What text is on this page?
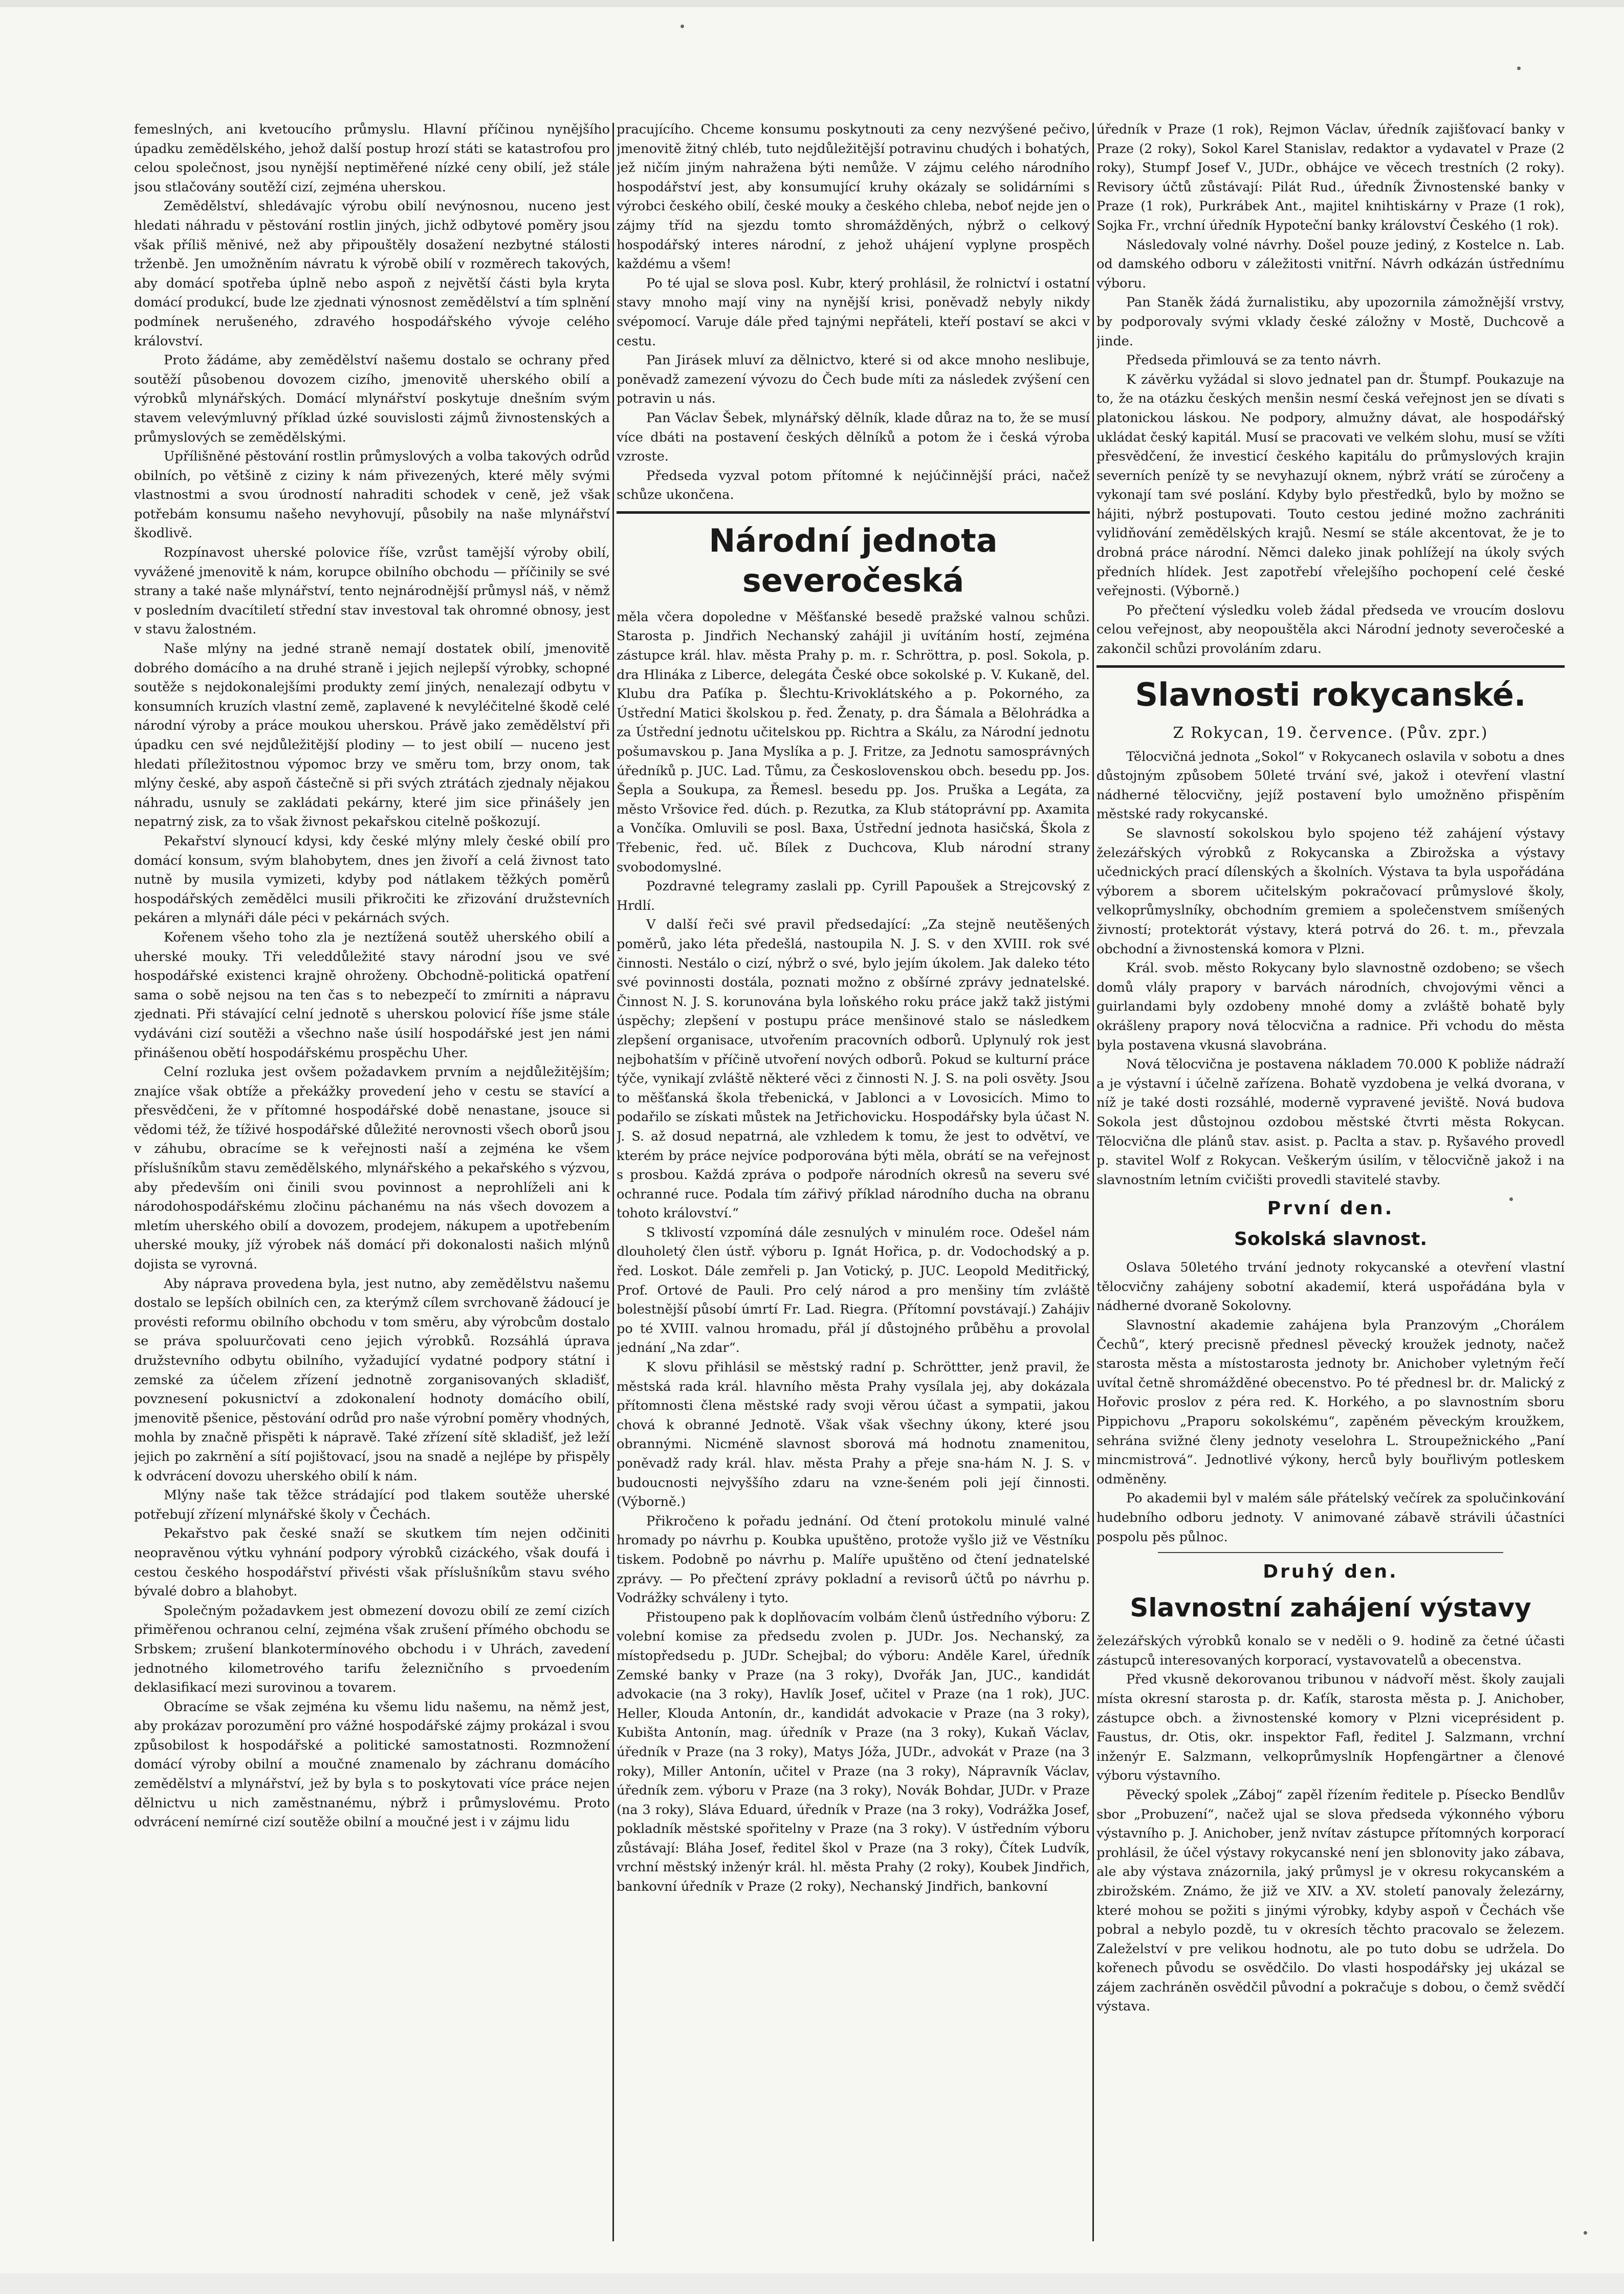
femeslných, ani kvetoucího průmyslu. Hlavní příčinou nynějšího úpadku zemědělského, jehož další postup hrozí státi se katastrofou pro celou společnost, jsou nynější neptiměřené nízké ceny obilí, jež stále jsou stlačovány soutěží cizí, zejména uherskou.

Zemědělství, shledávajíc výrobu obilí nevýnosnou, nuceno jest hledati náhradu v pěstování rostlin jiných, jichž odbytové poměry jsou však příliš měnivé, než aby připouštěly dosažení nezbytné stálosti trženbě. Jen umožněním návratu k výrobě obilí v rozměrech takových, aby domácí spotřeba úplně nebo aspoň z největší části byla kryta domácí produkcí, bude lze zjednati výnosnost zemědělství a tím splnění podmínek nerušeného, zdravého hospodářského vývoje celého království.

Proto žádáme, aby zemědělství našemu dostalo se ochrany před soutěží působenou dovozem cizího, jmenovitě uherského obilí a výrobků mlynářských. Domácí mlynářství poskytuje dnešním svým stavem velevýmluvný příklad úzké souvislosti zájmů živnostenských a průmyslových se zemědělskými.

Upřílišněné pěstování rostlin průmyslových a volba takových odrůd obilních, po většině z ciziny k nám přivezených, které měly svými vlastnostmi a svou úrodností nahraditi schodek v ceně, jež však potřebám konsumu našeho nevyhovují, působily na naše mlynářství škodlivě.

Rozpínavost uherské polovice říše, vzrůst tamější výroby obilí, vyvážené jmenovitě k nám, korupce obilního obchodu — příčinily se své strany a také naše mlynářství, tento nejnárodnější průmysl náš, v němž v posledním dvacítiletí střední stav investoval tak ohromné obnosy, jest v stavu žalostném.

Naše mlýny na jedné straně nemají dostatek obilí, jmenovitě dobrého domácího a na druhé straně i jejich nejlepší výrobky, schopné soutěže s nejdokonalejšími produkty zemí jiných, nenalezají odbytu v konsumních kruzích vlastní země, zaplavené k nevyléčitelné škodě celé národní výroby a práce moukou uherskou. Právě jako zemědělství při úpadku cen své nejdůležitější plodiny — to jest obilí — nuceno jest hledati příležitostnou výpomoc brzy ve směru tom, brzy onom, tak mlýny české, aby aspoň částečně si při svých ztrátách zjednaly nějakou náhradu, usnuly se zakládati pekárny, které jim sice přinášely jen nepatrný zisk, za to však živnost pekařskou citelně poškozují.

Pekařství slynoucí kdysi, kdy české mlýny mlely české obilí pro domácí konsum, svým blahobytem, dnes jen živoří a celá živnost tato nutně by musila vymizeti, kdyby pod nátlakem těžkých poměrů hospodářských zemědělci musili přikročiti ke zřizování družstevních pekáren a mlynáři dále péci v pekárnách svých.

Kořenem všeho toho zla je neztížená soutěž uherského obilí a uherské mouky. Tři veleddůležité stavy národní jsou ve své hospodářské existenci krajně ohroženy. Obchodně-politická opatření sama o sobě nejsou na ten čas s to nebezpečí to zmírniti a nápravu zjednati. Při stávající celní jednotě s uherskou polovicí říše jsme stále vydáváni cizí soutěži a všechno naše úsilí hospodářské jest jen námi přinášenou obětí hospodářskému prospěchu Uher.

Celní rozluka jest ovšem požadavkem prvním a nejdůležitějším; znajíce však obtíže a překážky provedení jeho v cestu se stavící a přesvědčeni, že v přítomné hospodářské době nenastane, jsouce si vědomi též, že tíživé hospodářské důležité nerovnosti všech oborů jsou v záhubu, obracíme se k veřejnosti naší a zejména ke všem příslušníkům stavu zemědělského, mlynářského a pekařského s výzvou, aby především oni činili svou povinnost a neprohlíželi ani k národohospodářskému zločinu páchanému na nás všech dovozem a mletím uherského obilí a dovozem, prodejem, nákupem a upotřebením uherské mouky, jíž výrobek náš domácí při dokonalosti našich mlýnů dojista se vyrovná.

Aby náprava provedena byla, jest nutno, aby zemědělstvu našemu dostalo se lepších obilních cen, za kterýmž cílem svrchovaně žádoucí je provésti reformu obilního obchodu v tom směru, aby výrobcům dostalo se práva spoluurčovati ceno jejich výrobků. Rozsáhlá úprava družstevního odbytu obilního, vyžadující vydatné podpory státní i zemské za účelem zřízení jednotně zorganisovaných skladišť, povznesení pokusnictví a zdokonalení hodnoty domácího obilí, jmenovitě pšenice, pěstování odrůd pro naše výrobní poměry vhodných, mohla by značně přispěti k nápravě. Také zřízení sítě skladišť, jež leží jejich po zakrnění a sítí pojištovací, jsou na snadě a nejlépe by přispěly k odvrácení dovozu uherského obilí k nám.

Mlýny naše tak těžce strádající pod tlakem soutěže uherské potřebují zřízení mlynářské školy v Čechách.

Pekařstvo pak české snaží se skutkem tím nejen odčiniti neopravěnou výtku vyhnání podpory výrobků cizáckého, však doufá i cestou českého hospodářství přivésti však příslušníkům stavu svého bývalé dobro a blahobyt.

Společným požadavkem jest obmezení dovozu obilí ze zemí cizích přiměřenou ochranou celní, zejména však zrušení přímého obchodu se Srbskem; zrušení blankotermínového obchodu i v Uhrách, zavedení jednotného kilometrového tarifu železničního s prvoedením deklasifikací mezi surovinou a tovarem.

Obracíme se však zejména ku všemu lidu našemu, na němž jest, aby prokázav porozumění pro vážné hospodářské zájmy prokázal i svou způsobilost k hospodářské a politické samostatnosti. Rozmnožení domácí výroby obilní a moučné znamenalo by záchranu domácího zemědělství a mlynářství, jež by byla s to poskytovati více práce nejen dělnictvu u nich zaměstnanému, nýbrž i průmyslovému. Proto odvrácení nemírné cizí soutěže obilní a moučné jest i v zájmu lidu

pracujícího. Chceme konsumu poskytnouti za ceny nezvýšené pečivo, jmenovitě žitný chléb, tuto nejdůležitější potravinu chudých i bohatých, jež ničím jiným nahražena býti nemůže. V zájmu celého národního hospodářství jest, aby konsumující kruhy okázaly se solidárními s výrobci českého obilí, české mouky a českého chleba, neboť nejde jen o zájmy tříd na sjezdu tomto shromážděných, nýbrž o celkový hospodářský interes národní, z jehož uhájení vyplyne prospěch každému a všem!

Po té ujal se slova posl. Kubr, který prohlásil, že rolnictví i ostatní stavy mnoho mají viny na nynější krisi, poněvadž nebyly nikdy svépomocí. Varuje dále před tajnými nepřáteli, kteří postaví se akci v cestu.

Pan Jirásek mluví za dělnictvo, které si od akce mnoho neslibuje, poněvadž zamezení vývozu do Čech bude míti za následek zvýšení cen potravin u nás.

Pan Václav Šebek, mlynářský dělník, klade důraz na to, že se musí více dbáti na postavení českých dělníků a potom že i česká výroba vzroste.

Předseda vyzval potom přítomné k nejúčinnější práci, načež schůze ukončena.

Národní jednota severočeská

měla včera dopoledne v Měšťanské besedě pražské valnou schůzi. Starosta p. Jindřich Nechanský zahájil ji uvítáním hostí, zejména zástupce král. hlav. města Prahy p. m. r. Schröttra, p. posl. Sokola, p. dra Hlináka z Liberce, delegáta České obce sokolské p. V. Kukaně, del. Klubu dra Paťíka p. Šlechtu-Krivoklátského a p. Pokorného, za Ústřední Matici školskou p. řed. Ženaty, p. dra Šámala a Bělohrádka a za Ústřední jednotu učitelskou pp. Richtra a Skálu, za Národní jednotu pošumavskou p. Jana Myslíka a p. J. Fritze, za Jednotu samosprávných úředníků p. JUC. Lad. Tůmu, za Československou obch. besedu pp. Jos. Šepla a Soukupa, za Řemesl. besedu pp. Jos. Pruška a Legáta, za město Vršovice řed. dúch. p. Rezutka, za Klub státoprávní pp. Axamita a Vončíka. Omluvili se posl. Baxa, Ústřední jednota hasičská, Škola z Třebenic, řed. uč. Bílek z Duchcova, Klub národní strany svobodomyslné.

Pozdravné telegramy zaslali pp. Cyrill Papoušek a Strejcovský z Hrdlí.

V další řeči své pravil předsedající: „Za stejně neutěšených poměrů, jako léta předešlá, nastoupila N. J. S. v den XVIII. rok své činnosti. Nestálo o cizí, nýbrž o své, bylo jejím úkolem. Jak daleko této své povinnosti dostála, poznati možno z obšírné zprávy jednatelské. Činnost N. J. S. korunována byla loňského roku práce jakž takž jistými úspěchy; zlepšení v postupu práce menšinové stalo se následkem zlepšení organisace, utvořením pracovních odborů. Uplynulý rok jest nejbohatším v příčině utvoření nových odborů. Pokud se kulturní práce týče, vynikají zvláště některé věci z činnosti N. J. S. na poli osvěty. Jsou to měšťanská škola třebenická, v Jablonci a v Lovosicích. Mimo to podařilo se získati můstek na Jetřichovicku. Hospodářsky byla účast N. J. S. až dosud nepatrná, ale vzhledem k tomu, že jest to odvětví, ve kterém by práce nejvíce podporována býti měla, obrátí se na veřejnost s prosbou. Každá zpráva o podpoře národních okresů na severu své ochranné ruce. Podala tím zářivý příklad národního ducha na obranu tohoto království.“

S tklivostí vzpomíná dále zesnulých v minulém roce. Odešel nám dlouholetý člen ústř. výboru p. Ignát Hořica, p. dr. Vodochodský a p. řed. Loskot. Dále zemřeli p. Jan Votický, p. JUC. Leopold Meditřický, Prof. Ortové de Pauli. Pro celý národ a pro menšiny tím zvláště bolestnější působí úmrtí Fr. Lad. Riegra. (Přítomní povstávají.) Zahájiv po té XVIII. valnou hromadu, přál jí důstojného průběhu a provolal jednání „Na zdar“.

K slovu přihlásil se městský radní p. Schröttter, jenž pravil, že městská rada král. hlavního města Prahy vysílala jej, aby dokázala přítomnosti člena městské rady svoji věrou účast a sympatii, jakou chová k obranné Jednotě. Však však všechny úkony, které jsou obrannými. Nicméně slavnost sborová má hodnotu znamenitou, poněvadž rady král. hlav. města Prahy a přeje sna-hám N. J. S. v budoucnosti nejvyššího zdaru na vzne-šeném poli její činnosti. (Výborně.)

Přikročeno k pořadu jednání. Od čtení protokolu minulé valné hromady po návrhu p. Koubka upuštěno, protože vyšlo již ve Věstníku tiskem. Podobně po návrhu p. Malíře upuštěno od čtení jednatelské zprávy. — Po přečtení zprávy pokladní a revisorů účtů po návrhu p. Vodrážky schváleny i tyto.

Přistoupeno pak k doplňovacím volbám členů ústředního výboru: Z volební komise za předsedu zvolen p. JUDr. Jos. Nechanský, za místopředsedu p. JUDr. Schejbal; do výboru: Anděle Karel, úředník Zemské banky v Praze (na 3 roky), Dvořák Jan, JUC., kandidát advokacie (na 3 roky), Havlík Josef, učitel v Praze (na 1 rok), JUC. Heller, Klouda Antonín, dr., kandidát advokacie v Praze (na 3 roky), Kubišta Antonín, mag. úředník v Praze (na 3 roky), Kukaň Václav, úředník v Praze (na 3 roky), Matys Jóža, JUDr., advokát v Praze (na 3 roky), Miller Antonín, učitel v Praze (na 3 roky), Nápravník Václav, úředník zem. výboru v Praze (na 3 roky), Novák Bohdar, JUDr. v Praze (na 3 roky), Sláva Eduard, úředník v Praze (na 3 roky), Vodrážka Josef, pokladník městské spořitelny v Praze (na 3 roky). V ústředním výboru zůstávají: Bláha Josef, ředitel škol v Praze (na 3 roky), Čítek Ludvík, vrchní městský inženýr král. hl. města Prahy (2 roky), Koubek Jindřich, bankovní úředník v Praze (2 roky), Nechanský Jindřich, bankovní

úředník v Praze (1 rok), Rejmon Václav, úředník zajišťovací banky v Praze (2 roky), Sokol Karel Stanislav, redaktor a vydavatel v Praze (2 roky), Stumpf Josef V., JUDr., obhájce ve věcech trestních (2 roky). Revisory účtů zůstávají: Pilát Rud., úředník Živnostenské banky v Praze (1 rok), Purkrábek Ant., majitel knihtiskárny v Praze (1 rok), Sojka Fr., vrchní úředník Hypoteční banky království Českého (1 rok).

Následovaly volné návrhy. Došel pouze jediný, z Kostelce n. Lab. od damského odboru v záležitosti vnitřní. Návrh odkázán ústřednímu výboru.

Pan Staněk žádá žurnalistiku, aby upozornila zámožnější vrstvy, by podporovaly svými vklady české záložny v Mostě, Duchcově a jinde.

Předseda přimlouvá se za tento návrh.

K závěrku vyžádal si slovo jednatel pan dr. Štumpf. Poukazuje na to, že na otázku českých menšin nesmí česká veřejnost jen se dívati s platonickou láskou. Ne podpory, almužny dávat, ale hospodářský ukládat český kapitál. Musí se pracovati ve velkém slohu, musí se vžíti přesvědčení, že investicí českého kapitálu do průmyslových krajin severních penízě ty se nevyhazují oknem, nýbrž vrátí se zúročeny a vykonají tam své poslání. Kdyby bylo přestředků, bylo by možno se hájiti, nýbrž postupovati. Touto cestou jediné možno zachrániti vylidňování zemědělských krajů. Nesmí se stále akcentovat, že je to drobná práce národní. Němci daleko jinak pohlížejí na úkoly svých předních hlídek. Jest zapotřebí vřelejšího pochopení celé české veřejnosti. (Výborně.)

Po přečtení výsledku voleb žádal předseda ve vroucím doslovu celou veřejnost, aby neopouštěla akci Národní jednoty severočeské a zakončil schůzi provoláním zdaru.

Slavnosti rokycanské.
Z Rokycan, 19. července. (Pův. zpr.)

Tělocvičná jednota „Sokol“ v Rokycanech oslavila v sobotu a dnes důstojným způsobem 50leté trvání své, jakož i otevření vlastní nádherné tělocvičny, jejíž postavení bylo umožněno přispěním městské rady rokycanské.

Se slavností sokolskou bylo spojeno též zahájení výstavy železářských výrobků z Rokycanska a Zbirožska a výstavy učednických prací dílenských a školních. Výstava ta byla uspořádána výborem a sborem učitelským pokračovací průmyslové školy, velkoprůmyslníky, obchodním gremiem a společenstvem smíšených živností; protektorát výstavy, která potrvá do 26. t. m., převzala obchodní a živnostenská komora v Plzni.

Král. svob. město Rokycany bylo slavnostně ozdobeno; se všech domů vlály prapory v barvách národních, chvojovými věnci a guirlandami byly ozdobeny mnohé domy a zvláště bohatě byly okrášleny prapory nová tělocvična a radnice. Při vchodu do města byla postavena vkusná slavobrána.

Nová tělocvična je postavena nákladem 70.000 K pobliže nádraží a je výstavní i účelně zařízena. Bohatě vyzdobena je velká dvorana, v níž je také dosti rozsáhlé, moderně vypravené jeviště. Nová budova Sokola jest důstojnou ozdobou městské čtvrti města Rokycan. Tělocvična dle plánů stav. asist. p. Paclta a stav. p. Ryšavého provedl p. stavitel Wolf z Rokycan. Veškerým úsilím, v tělocvičně jakož i na slavnostním letním cvičišti provedli stavitelé stavby.

První den.
Sokolská slavnost.

Oslava 50letého trvání jednoty rokycanské a otevření vlastní tělocvičny zahájeny sobotní akademií, která uspořádána byla v nádherné dvoraně Sokolovny.

Slavnostní akademie zahájena byla Pranzovým „Chorálem Čechů“, který precisně přednesl pěvecký kroužek jednoty, načež starosta města a místostarosta jednoty br. Anichober vyletným řečí uvítal četně shromážděné obecenstvo. Po té přednesl br. dr. Malický z Hořovic proslov z péra red. K. Horkého, a po slavnostním sboru Pippichovu „Praporu sokolskému“, zapěném pěveckým kroužkem, sehrána svižné členy jednoty veselohra L. Stroupežnického „Paní mincmistrová“. Jednotlivé výkony, herců byly bouřlivým potleskem odměněny.

Po akademii byl v malém sále přátelský večírek za spolučinkování hudebního odboru jednoty. V animované zábavě strávili účastníci pospolu pěs půlnoc.

Druhý den.
Slavnostní zahájení výstavy

železářských výrobků konalo se v neděli o 9. hodině za četné účasti zástupců interesovaných korporací, vystavovatelů a obecenstva.

Před vkusně dekorovanou tribunou v nádvoří měst. školy zaujali místa okresní starosta p. dr. Kaťík, starosta města p. J. Anichober, zástupce obch. a živnostenské komory v Plzni viceprésident p. Faustus, dr. Otis, okr. inspektor Fafl, ředitel J. Salzmann, vrchní inženýr E. Salzmann, velkoprůmyslník Hopfengärtner a členové výboru výstavního.

Pěvecký spolek „Záboj“ zapěl řízením ředitele p. Písecko Bendlův sbor „Probuzení“, načež ujal se slova předseda výkonného výboru výstavního p. J. Anichober, jenž nvítav zástupce přítomných korporací prohlásil, že účel výstavy rokycanské není jen sblonovity jako zábava, ale aby výstava znázornila, jaký průmysl je v okresu rokycanském a zbirožském. Známo, že již ve XIV. a XV. století panovaly železárny, které mohou se požiti s jinými výrobky, kdyby aspoň v Čechách vše pobral a nebylo pozdě, tu v okresích těchto pracovalo se železem. Zaleželství v pre velikou hodnotu, ale po tuto dobu se udržela. Do kořenech původu se osvědčilo. Do vlasti hospodářsky jej ukázal se zájem zachráněn osvědčil původní a pokračuje s dobou, o čemž svědčí výstava.
